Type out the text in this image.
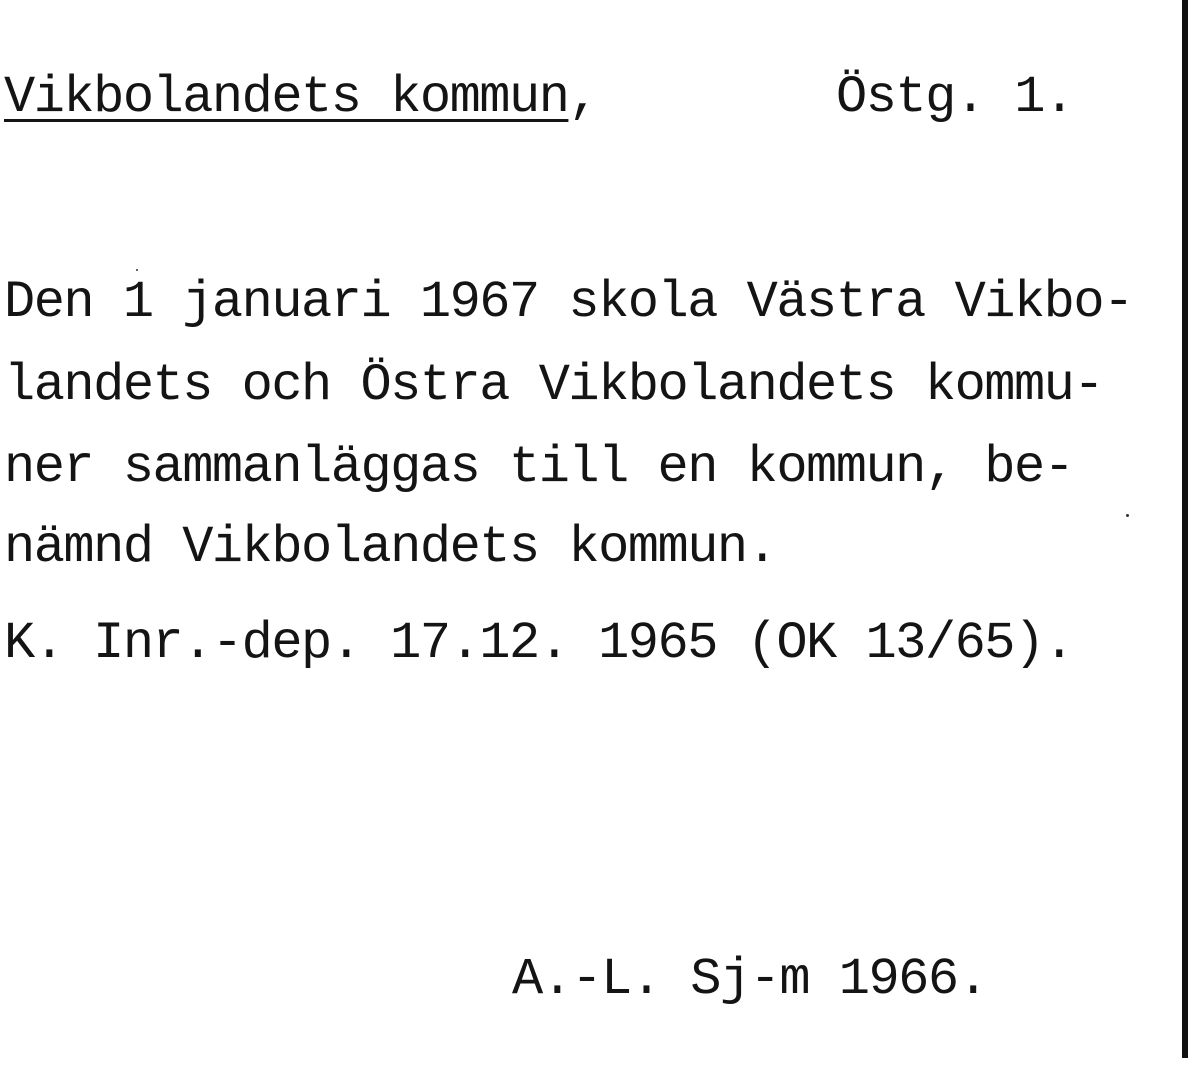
Vikbolandets kommun,	Östg. 1.
Den 1 januari 1967 skola Västra Vikbo-
landets och Östra Vikbolandets kommu-
ner sammanläggas till en kommun, be-
nämnd Vikbolandets kommun.
K. Inr.-dep. 17.12. 1965 (OK 13/65).
A.-L. Sj-m 1966.
